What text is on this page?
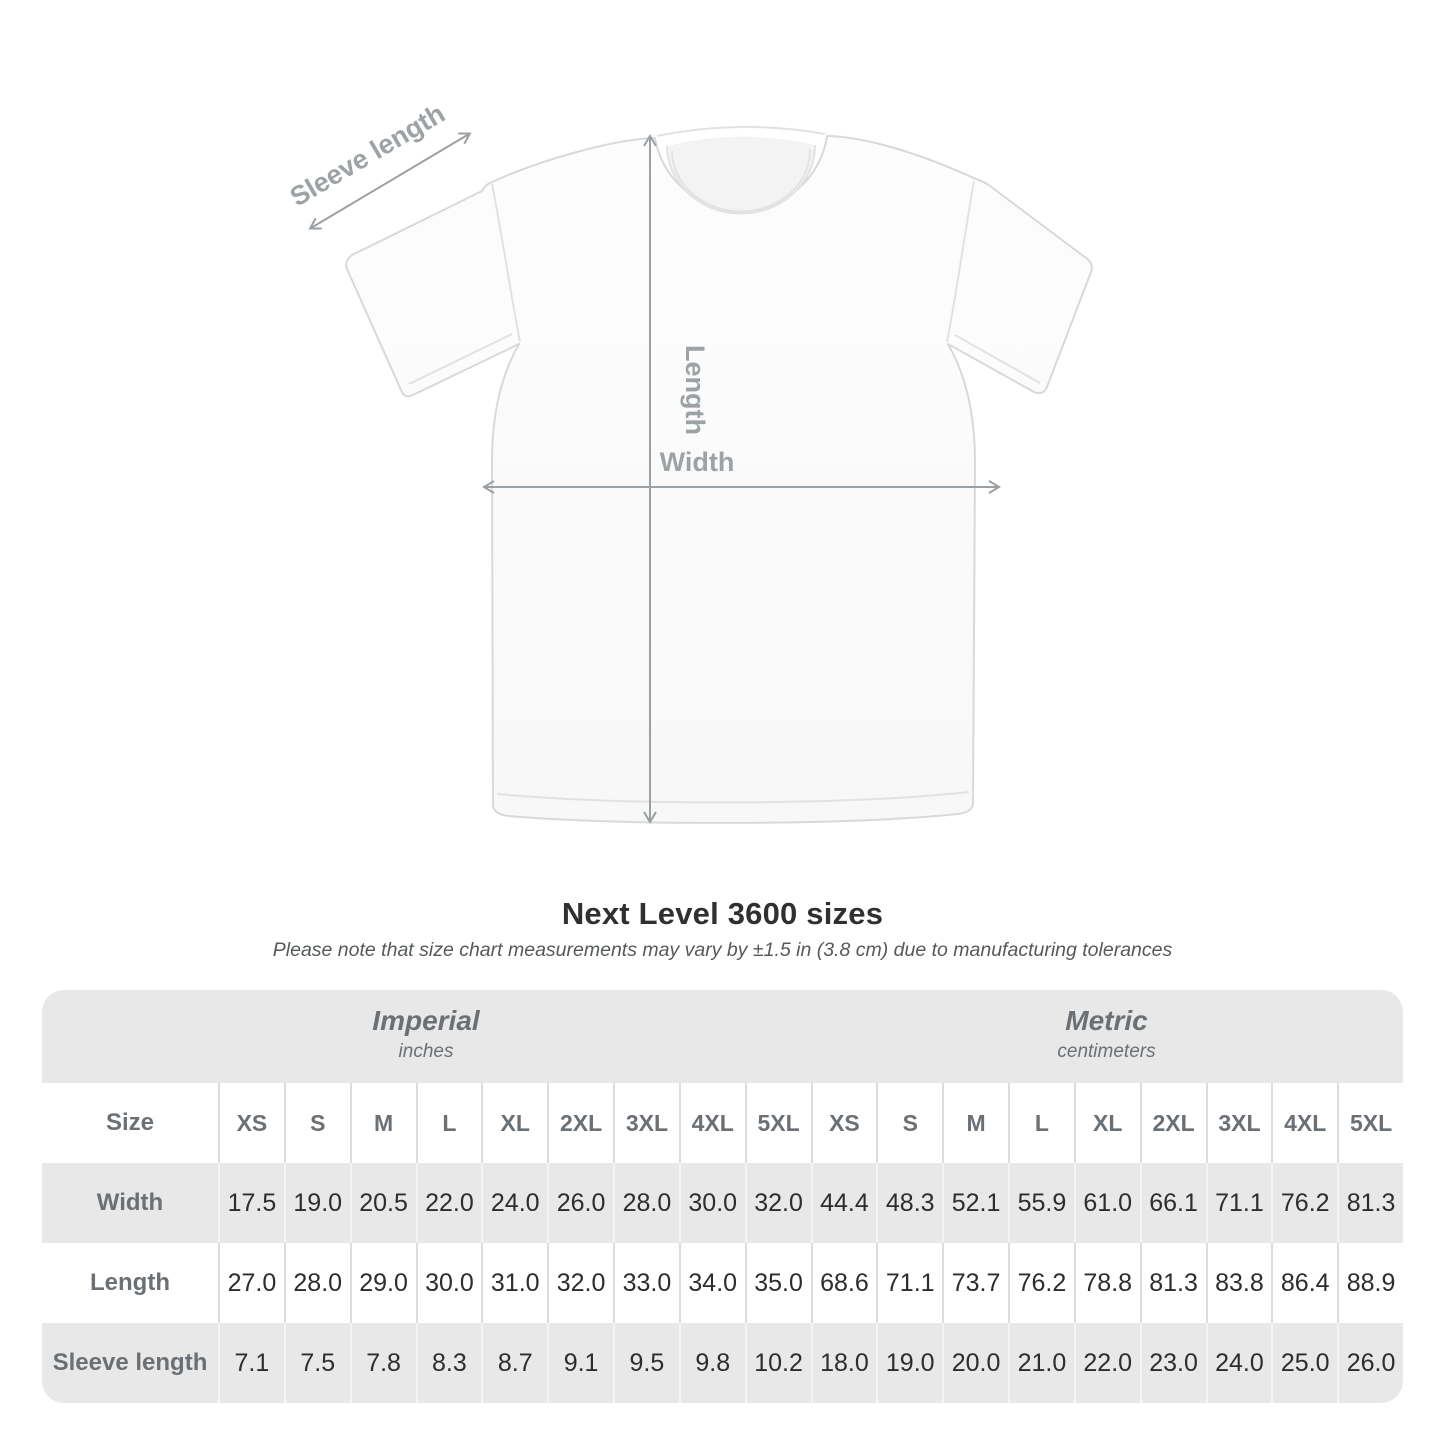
Sleeve length
Length
Width
Next Level 3600 sizes
Please note that size chart measurements may vary by ±1.5 in (3.8 cm) due to manufacturing tolerances
Imperial
inches
Metric
centimeters
Size	XS	S	M	L	XL	2XL	3XL	4XL	5XL	XS	S	M	L	XL	2XL	3XL	4XL	5XL
Width	17.5 19.0 20.5 22.0 24.0 26.0 28.0 30.0 32.0 44.4 48.3 52.1 55.9 61.0 66.1 71.1 76.2 81.3
Length	27.0 28.0 29.0 30.0 31.0 32.0 33.0 34.0 35.0 68.6 71.1 73.7 76.2 78.8 81.3 83.8 86.4 88.9
Sleeve length	7.1	7.5	7.8	8.3	8.7	9.1	9.5	9.8 10.2 18.0 19.0 20.0 21.0 22.0 23.0 24.0 25.0 26.0
